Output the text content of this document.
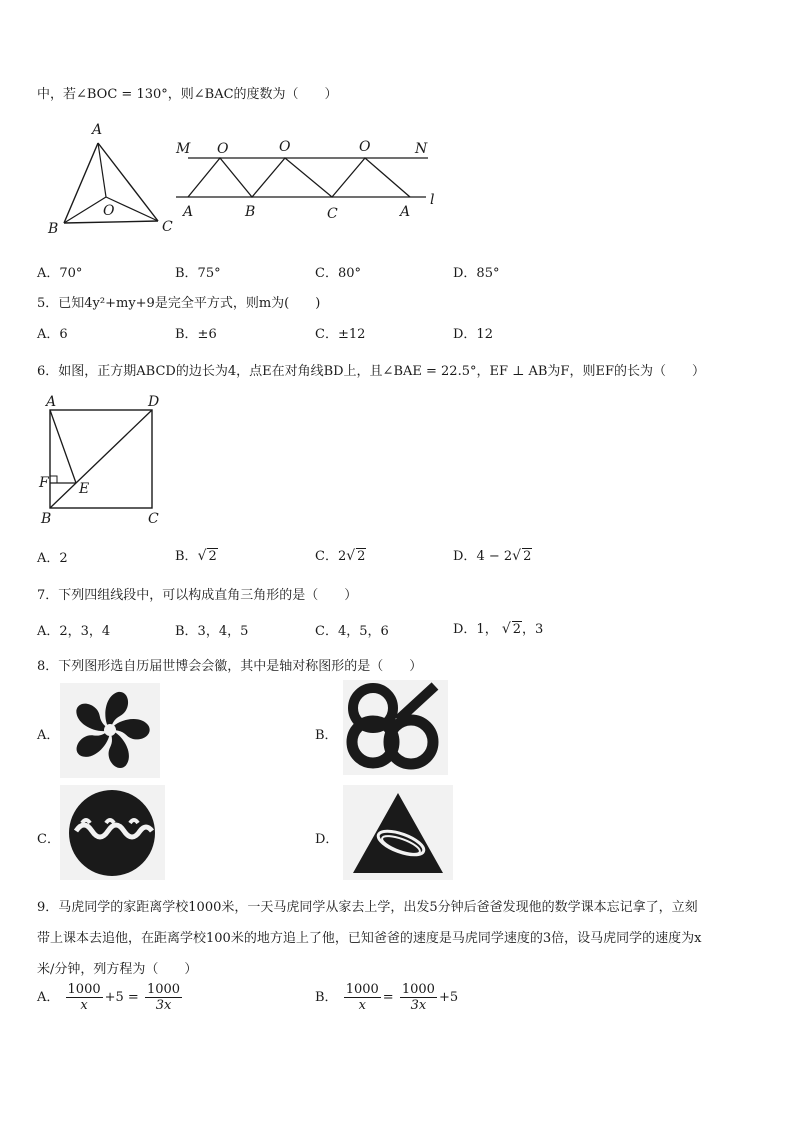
中，若∠BOC = 130°，则∠BAC的度数为（　　）
A
O
B	C
M O	O	O	N
A	B	C	A
l
A．70°	B．75°	C．80°	D．85°
5．已知4y²+my+9是完全平方式，则m为(　　)
A．6	B．±6	C．±12	D．12
6．如图，正方期ABCD的边长为4，点E在对角线BD上，且∠BAE = 22.5°，EF ⊥ AB为F，则EF的长为（　　）
A	D
F E
B	C
A．2	B．√ 2	C．2√ 2	D．4 − 2√ 2
7．下列四组线段中，可以构成直角三角形的是（　　）
A．2，3，4	B．3，4，5	C．4，5，6	D．1， √ 2，3
8．下列图形选自历届世博会会徽，其中是轴对称图形的是（　　）
A．	B．
C．	D．
9．马虎同学的家距离学校1000米，一天马虎同学从家去上学，出发5分钟后爸爸发现他的数学课本忘记拿了，立刻
带上课本去追他，在距离学校100米的地方追上了他，已知爸爸的速度是马虎同学速度的3倍，设马虎同学的速度为x
米/分钟，列方程为（　　）
A． $\frac{1000}{x} +5 = \frac{1000}{3x}$	B． $\frac{1000}{x} = \frac{1000}{3x} +5$
